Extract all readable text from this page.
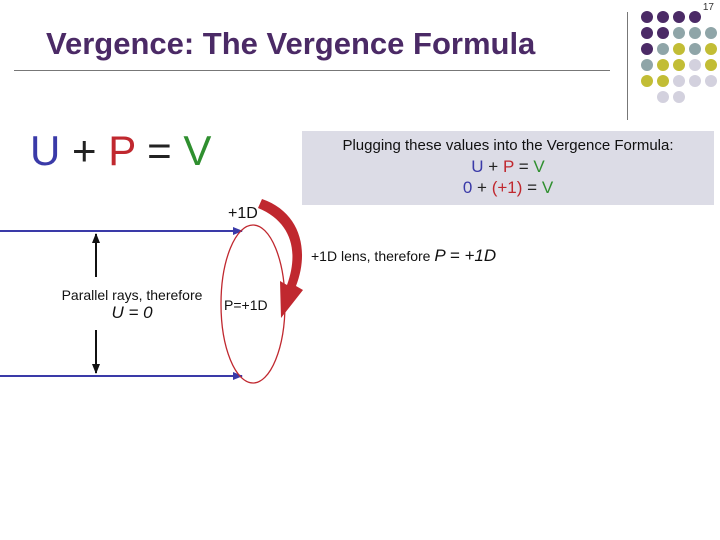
17
Vergence: The Vergence Formula
U + P = V	Plugging these values into the Vergence Formula:
U + P = V
0 + (+1) = V
+1D
+1D lens, therefore P = +1D
Parallel rays, therefore
U = 0	P=+1D
